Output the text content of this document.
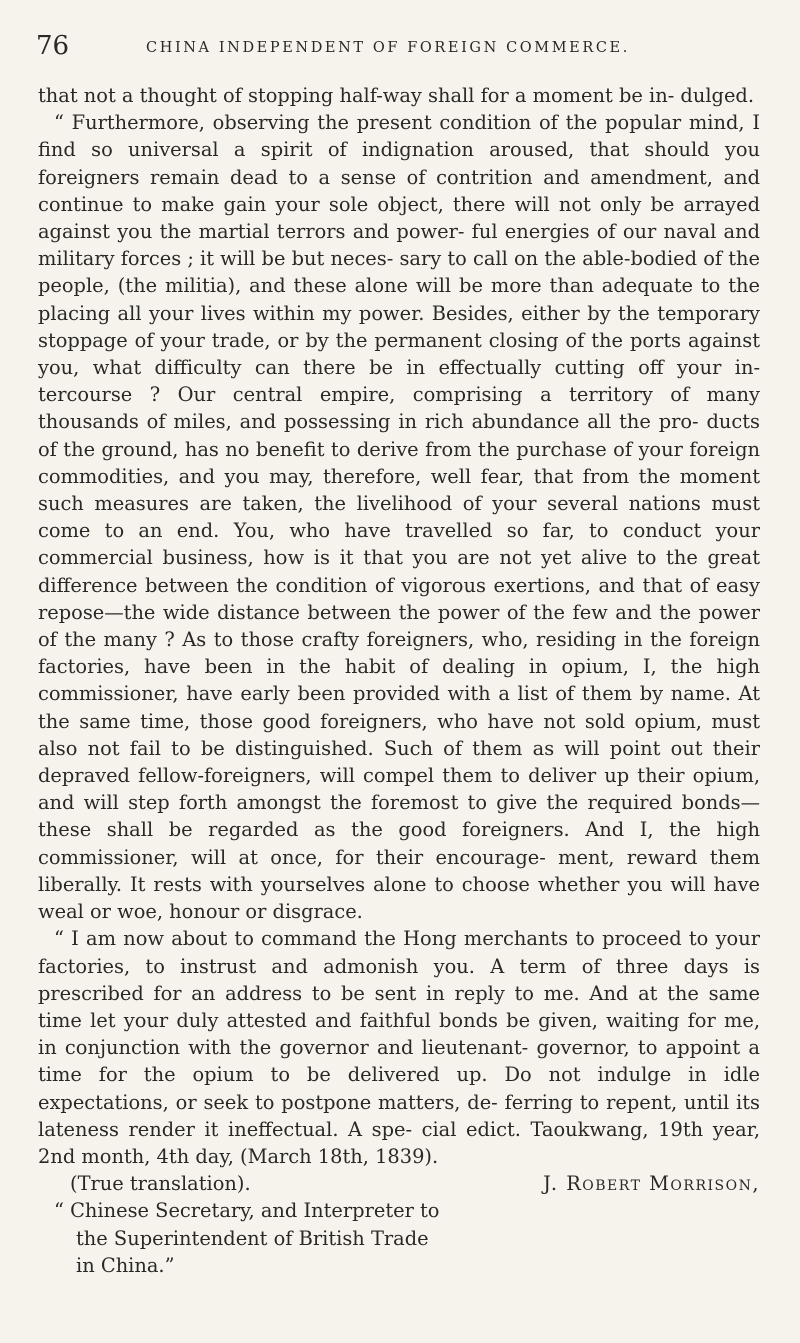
76	CHINA INDEPENDENT OF FOREIGN COMMERCE.

that not a thought of stopping half-way shall for a moment be in- dulged.

“ Furthermore, observing the present condition of the popular mind, I find so universal a spirit of indignation aroused, that should you foreigners remain dead to a sense of contrition and amendment, and continue to make gain your sole object, there will not only be arrayed against you the martial terrors and power- ful energies of our naval and military forces ; it will be but neces- sary to call on the able-bodied of the people, (the militia), and these alone will be more than adequate to the placing all your lives within my power. Besides, either by the temporary stoppage of your trade, or by the permanent closing of the ports against you, what difficulty can there be in effectually cutting off your in- tercourse ? Our central empire, comprising a territory of many thousands of miles, and possessing in rich abundance all the pro- ducts of the ground, has no benefit to derive from the purchase of your foreign commodities, and you may, therefore, well fear, that from the moment such measures are taken, the livelihood of your several nations must come to an end. You, who have travelled so far, to conduct your commercial business, how is it that you are not yet alive to the great difference between the condition of vigorous exertions, and that of easy repose—the wide distance between the power of the few and the power of the many ? As to those crafty foreigners, who, residing in the foreign factories, have been in the habit of dealing in opium, I, the high commissioner, have early been provided with a list of them by name. At the same time, those good foreigners, who have not sold opium, must also not fail to be distinguished. Such of them as will point out their depraved fellow-foreigners, will compel them to deliver up their opium, and will step forth amongst the foremost to give the required bonds—these shall be regarded as the good foreigners. And I, the high commissioner, will at once, for their encourage- ment, reward them liberally. It rests with yourselves alone to choose whether you will have weal or woe, honour or disgrace.

“ I am now about to command the Hong merchants to proceed to your factories, to instrust and admonish you. A term of three days is prescribed for an address to be sent in reply to me. And at the same time let your duly attested and faithful bonds be given, waiting for me, in conjunction with the governor and lieutenant- governor, to appoint a time for the opium to be delivered up. Do not indulge in idle expectations, or seek to postpone matters, de- ferring to repent, until its lateness render it ineffectual. A spe- cial edict. Taoukwang, 19th year, 2nd month, 4th day, (March 18th, 1839).

(True translation).	J. Robert Morrison,

“ Chinese Secretary, and Interpreter to

the Superintendent of British Trade

in China.”
